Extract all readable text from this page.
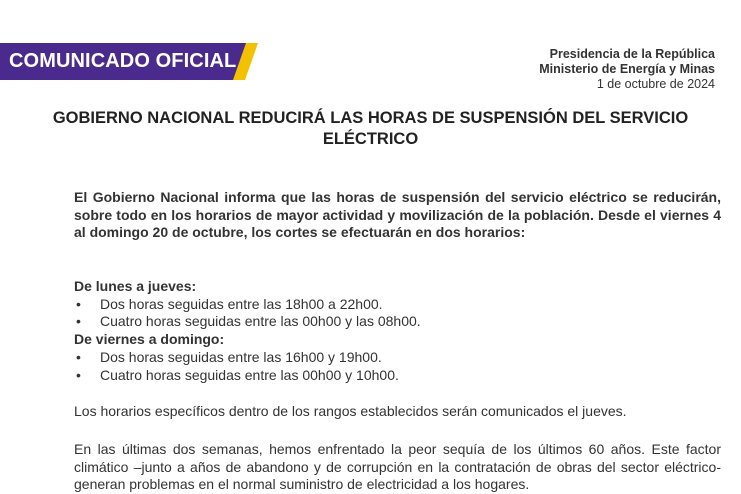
COMUNICADO OFICIAL	Presidencia de la República
Ministerio de Energía y Minas
1 de octubre de 2024
GOBIERNO NACIONAL REDUCIRÁ LAS HORAS DE SUSPENSIÓN DEL SERVICIO ELÉCTRICO
El Gobierno Nacional informa que las horas de suspensión del servicio eléctrico se reducirán, sobre todo en los horarios de mayor actividad y movilización de la población. Desde el viernes 4 al domingo 20 de octubre, los cortes se efectuarán en dos horarios:

De lunes a jueves:

• Dos horas seguidas entre las 18h00 a 22h00.
• Cuatro horas seguidas entre las 00h00 y las 08h00.

De viernes a domingo:

• Dos horas seguidas entre las 16h00 y 19h00.
• Cuatro horas seguidas entre las 00h00 y 10h00.
Los horarios específicos dentro de los rangos establecidos serán comunicados el jueves.
En las últimas dos semanas, hemos enfrentado la peor sequía de los últimos 60 años. Este factor climático –junto a años de abandono y de corrupción en la contratación de obras del sector eléctrico- generan problemas en el normal suministro de electricidad a los hogares.
